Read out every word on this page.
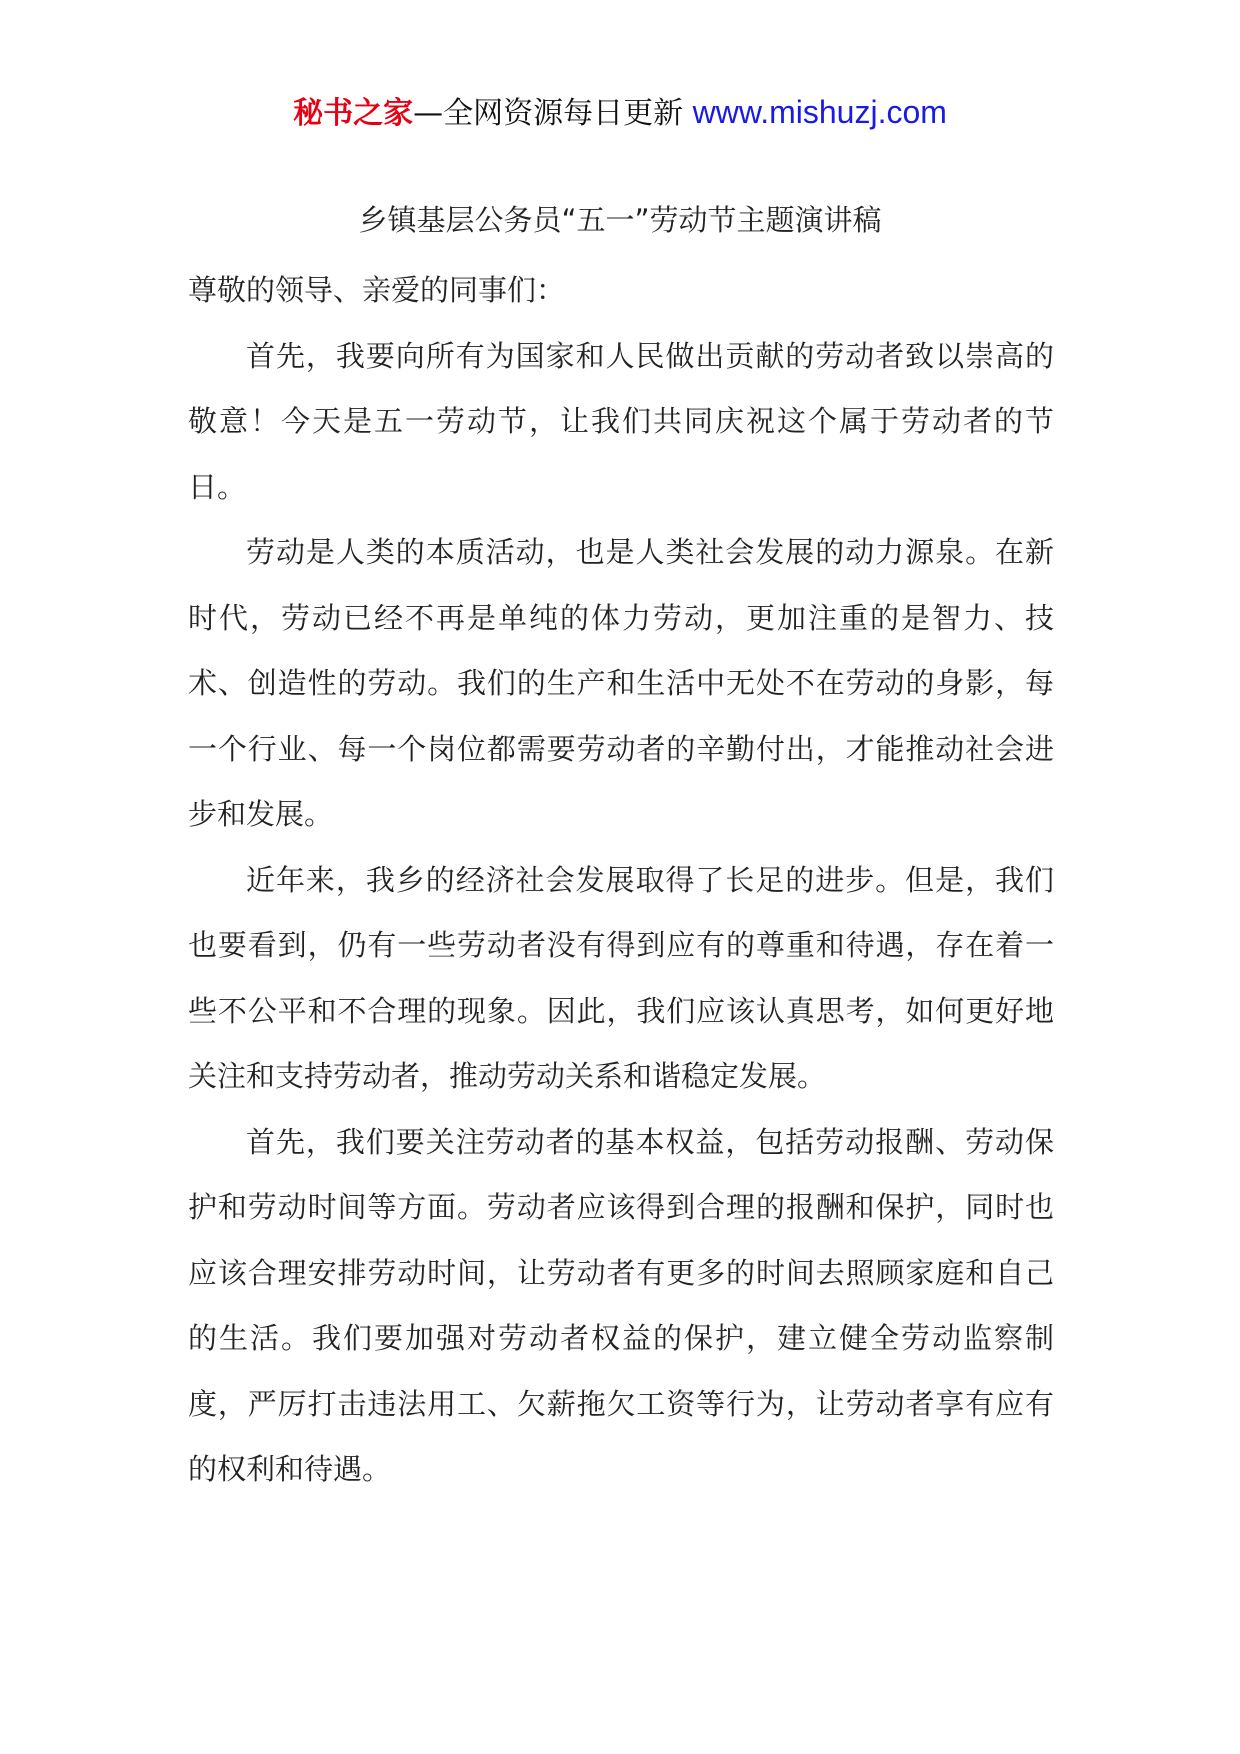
秘书之家—全网资源每日更新 www.mishuzj.com
乡镇基层公务员“五一”劳动节主题演讲稿

尊敬的领导、亲爱的同事们：

首先，我要向所有为国家和人民做出贡献的劳动者致以崇高的敬意！今天是五一劳动节，让我们共同庆祝这个属于劳动者的节日。

劳动是人类的本质活动，也是人类社会发展的动力源泉。在新时代，劳动已经不再是单纯的体力劳动，更加注重的是智力、技术、创造性的劳动。我们的生产和生活中无处不在劳动的身影，每一个行业、每一个岗位都需要劳动者的辛勤付出，才能推动社会进步和发展。

近年来，我乡的经济社会发展取得了长足的进步。但是，我们也要看到，仍有一些劳动者没有得到应有的尊重和待遇，存在着一些不公平和不合理的现象。因此，我们应该认真思考，如何更好地关注和支持劳动者，推动劳动关系和谐稳定发展。

首先，我们要关注劳动者的基本权益，包括劳动报酬、劳动保护和劳动时间等方面。劳动者应该得到合理的报酬和保护，同时也应该合理安排劳动时间，让劳动者有更多的时间去照顾家庭和自己的生活。我们要加强对劳动者权益的保护，建立健全劳动监察制度，严厉打击违法用工、欠薪拖欠工资等行为，让劳动者享有应有的权利和待遇。
